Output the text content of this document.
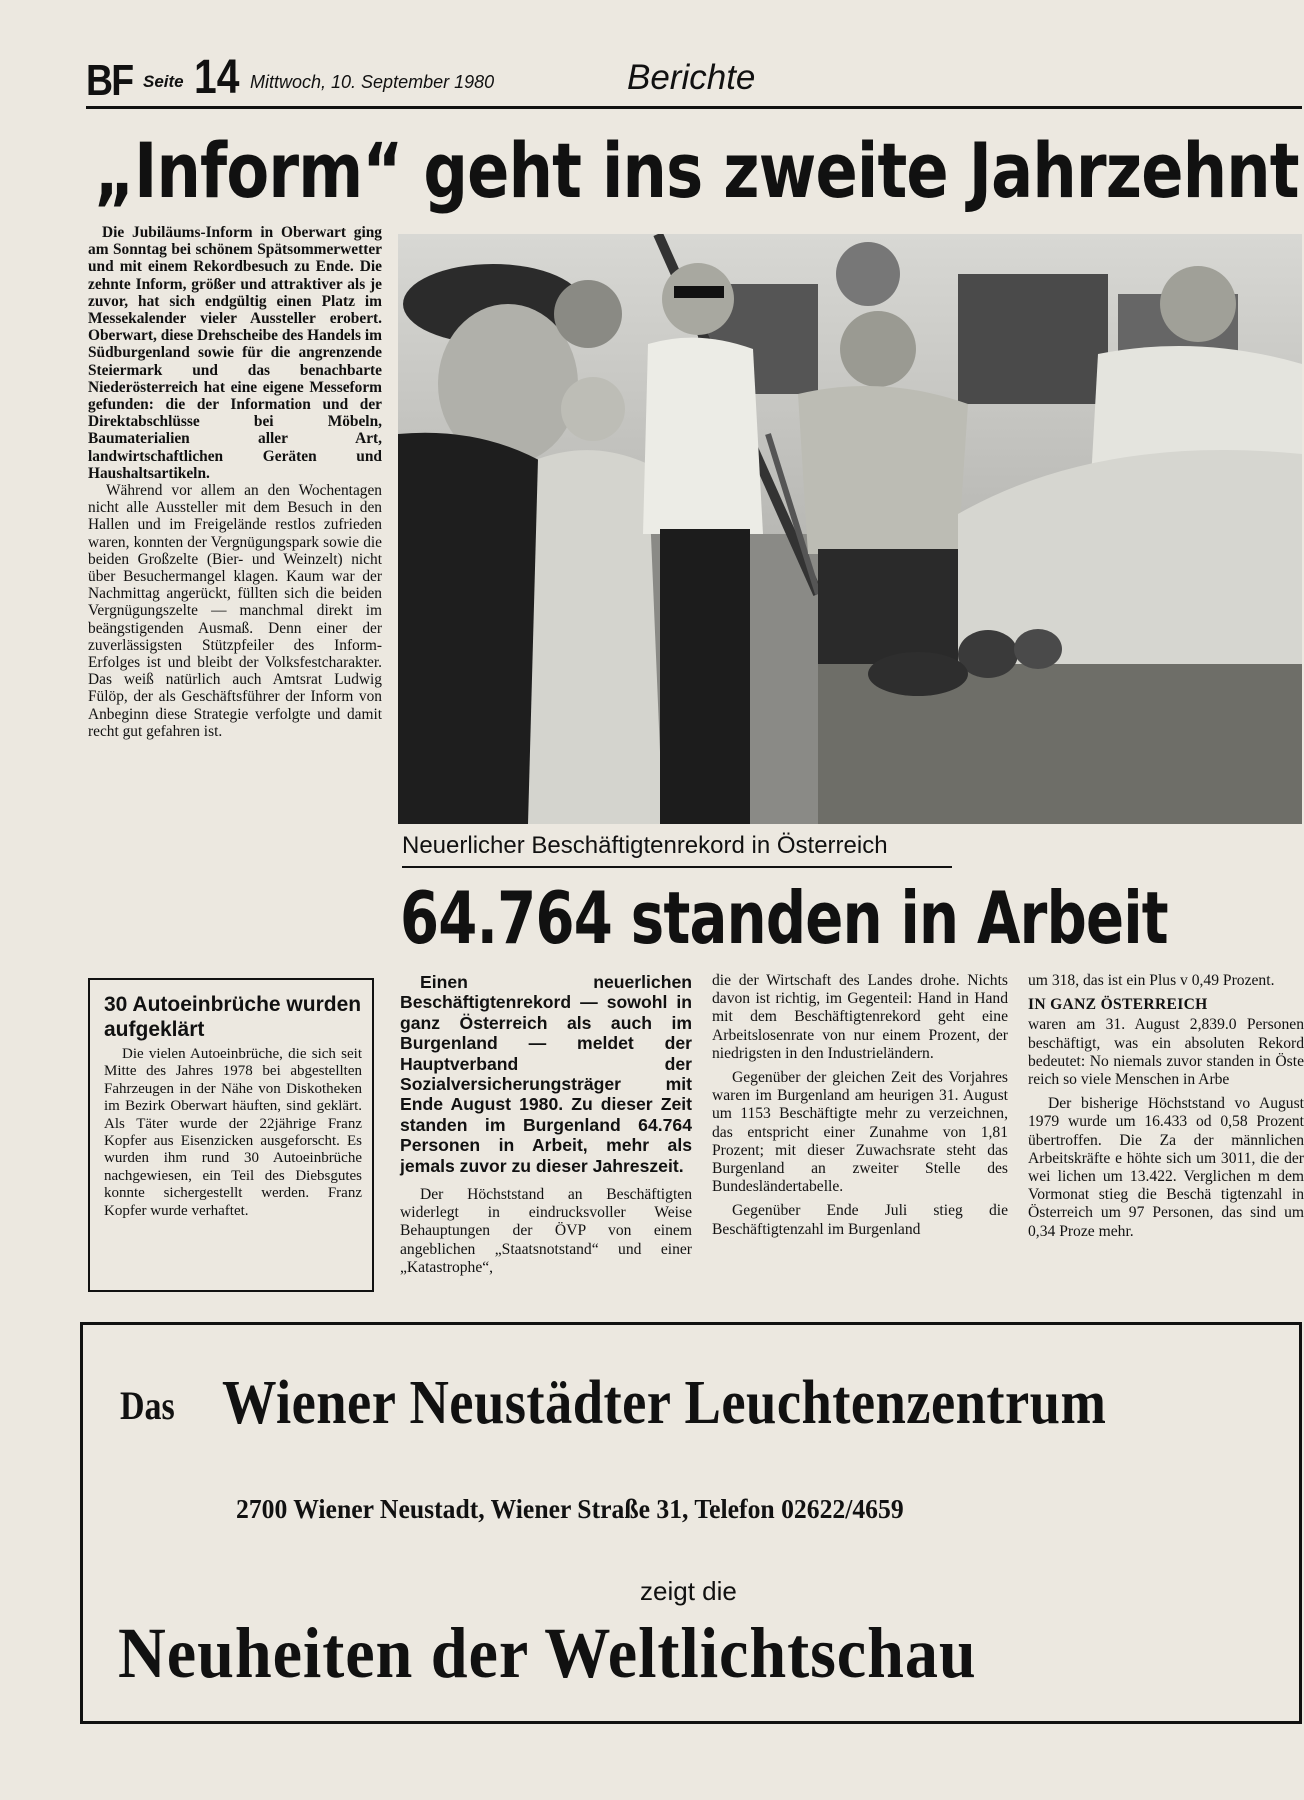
BF Seite 14 Mittwoch, 10. September 1980	Berichte
„Inform“ geht ins zweite Jahrzehnt

Die Jubiläums-Inform in Oberwart ging am Sonntag bei schönem Spätsommerwetter und mit einem Rekordbesuch zu Ende. Die zehnte Inform, größer und attraktiver als je zuvor, hat sich endgültig einen Platz im Messekalender vieler Aussteller erobert. Oberwart, diese Drehscheibe des Handels im Südburgenland sowie für die angrenzende Steiermark und das benachbarte Niederösterreich hat eine eigene Messeform gefunden: die der Information und der Direktabschlüsse bei Möbeln, Baumaterialien aller Art, landwirtschaftlichen Geräten und Haushaltsartikeln.

Während vor allem an den Wochentagen nicht alle Aussteller mit dem Besuch in den Hallen und im Freigelände restlos zufrieden waren, konnten der Vergnügungspark sowie die beiden Großzelte (Bier- und Weinzelt) nicht über Besuchermangel klagen. Kaum war der Nachmittag angerückt, füllten sich die beiden Vergnügungszelte — manchmal direkt im beängstigenden Ausmaß. Denn einer der zuverlässigsten Stützpfeiler des Inform-Erfolges ist und bleibt der Volksfestcharakter. Das weiß natürlich auch Amtsrat Ludwig Fülöp, der als Geschäftsführer der Inform von Anbeginn diese Strategie verfolgte und damit recht gut gefahren ist.

Neuerlicher Beschäftigtenrekord in Österreich
64.764 standen in Arbeit
30 Autoeinbrüche wurden aufgeklärt

Die vielen Autoeinbrüche, die sich seit Mitte des Jahres 1978 bei abgestellten Fahrzeugen in der Nähe von Diskotheken im Bezirk Oberwart häuften, sind geklärt. Als Täter wurde der 22jährige Franz Kopfer aus Eisenzicken ausgeforscht. Es wurden ihm rund 30 Autoeinbrüche nachgewiesen, ein Teil des Diebsgutes konnte sichergestellt werden. Franz Kopfer wurde verhaftet.

Einen neuerlichen Beschäftigtenrekord — sowohl in ganz Österreich als auch im Burgenland — meldet der Hauptverband der Sozialversicherungsträger mit Ende August 1980. Zu dieser Zeit standen im Burgenland 64.764 Personen in Arbeit, mehr als jemals zuvor zu dieser Jahreszeit.

Der Höchststand an Beschäftigten widerlegt in eindrucksvoller Weise Behauptungen der ÖVP von einem angeblichen „Staatsnotstand“ und einer „Katastrophe“,

die der Wirtschaft des Landes drohe. Nichts davon ist richtig, im Gegenteil: Hand in Hand mit dem Beschäftigtenrekord geht eine Arbeitslosenrate von nur einem Prozent, der niedrigsten in den Industrieländern.

Gegenüber der gleichen Zeit des Vorjahres waren im Burgenland am heurigen 31. August um 1153 Beschäftigte mehr zu verzeichnen, das entspricht einer Zunahme von 1,81 Prozent; mit dieser Zuwachsrate steht das Burgenland an zweiter Stelle des Bundesländertabelle.

Gegenüber Ende Juli stieg die Beschäftigtenzahl im Burgenland

um 318, das ist ein Plus v 0,49 Prozent.

IN GANZ ÖSTERREICH

waren am 31. August 2,839.0 Personen beschäftigt, was ein absoluten Rekord bedeutet: No niemals zuvor standen in Öste reich so viele Menschen in Arbe

Der bisherige Höchststand vo August 1979 wurde um 16.433 od 0,58 Prozent übertroffen. Die Za der männlichen Arbeitskräfte e höhte sich um 3011, die der wei lichen um 13.422. Verglichen m dem Vormonat stieg die Beschä tigtenzahl in Österreich um 97 Personen, das sind um 0,34 Proze mehr.

Das Wiener Neustädter Leuchtenzentrum
2700 Wiener Neustadt, Wiener Straße 31, Telefon 02622/4659
zeigt die
Neuheiten der Weltlichtschau
